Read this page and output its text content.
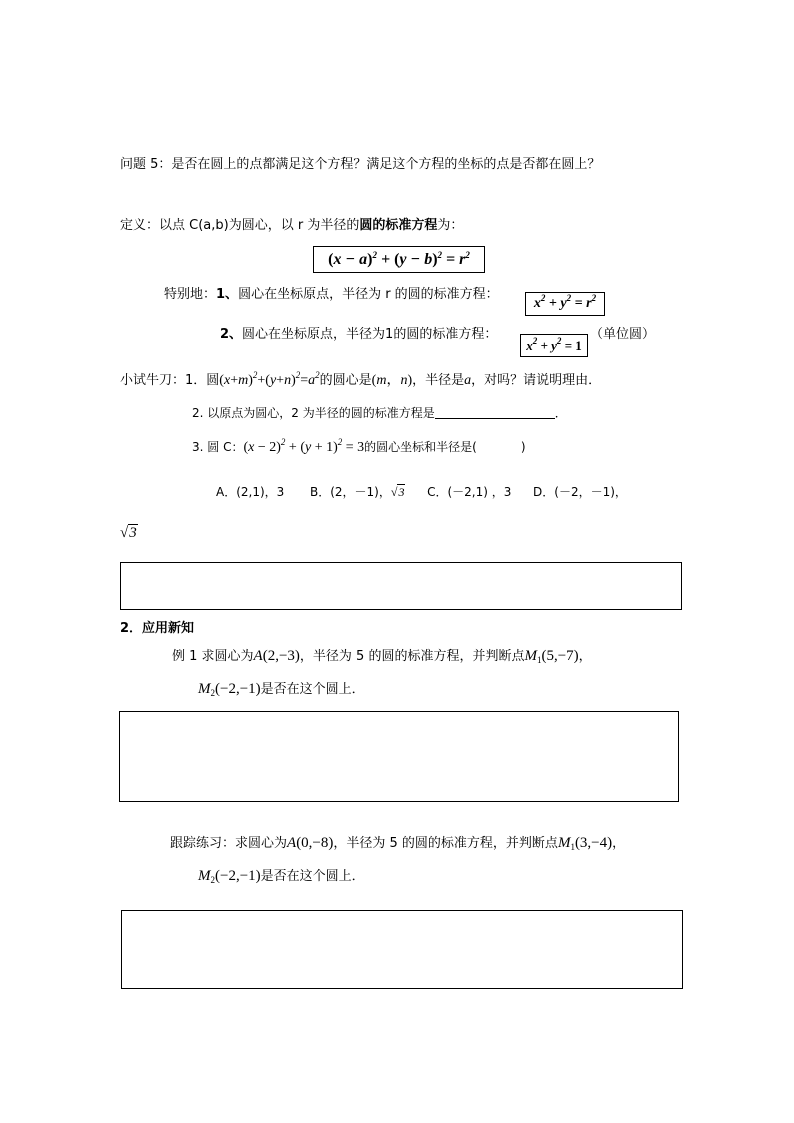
问题 5：是否在圆上的点都满足这个方程？满足这个方程的坐标的点是否都在圆上？
定义：以点 C(a,b)为圆心，以 r 为半径的圆的标准方程为：
$(x - a)^2 + (y - b)^2 = r^2$
特别地：1、圆心在坐标原点，半径为 r 的圆的标准方程：
$x^2 + y^2 = r^2$
2、圆心在坐标原点，半径为1的圆的标准方程：
$x^2 + y^2 = 1$
（单位圆）
小试牛刀：1．圆$(x+m)^2+(y+n)^2=a^2$的圆心是(m，n)，半径是a，对吗？请说明理由．
2. 以原点为圆心，2 为半径的圆的标准方程是	．
3. 圆 C：$(x - 2)^2 + (y + 1)^2 = 3$的圆心坐标和半径是(	)
A．(2,1)，3 B．(2，－1)，√3 C．(－2,1) ，3 D．(－2，－1)，
√3
2．应用新知
例 1 求圆心为A(2,−3)，半径为 5 的圆的标准方程，并判断点$M_1(5,-7)$，
$M_2(-2,-1)$是否在这个圆上．
跟踪练习：求圆心为A(0,−8)，半径为 5 的圆的标准方程，并判断点$M_1(3,-4)$，
$M_2(-2,-1)$是否在这个圆上．
